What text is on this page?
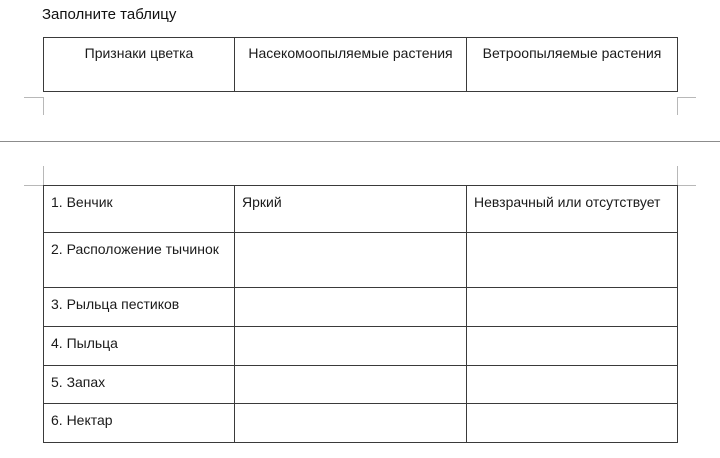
Заполните таблицу
Признаки цветка	Насекомоопыляемые растения	Ветроопыляемые растения
1. Венчик	Яркий	Невзрачный или отсутствует
2. Расположение тычинок		
3. Рыльца пестиков		
4. Пыльца		
5. Запах		
6. Нектар		
